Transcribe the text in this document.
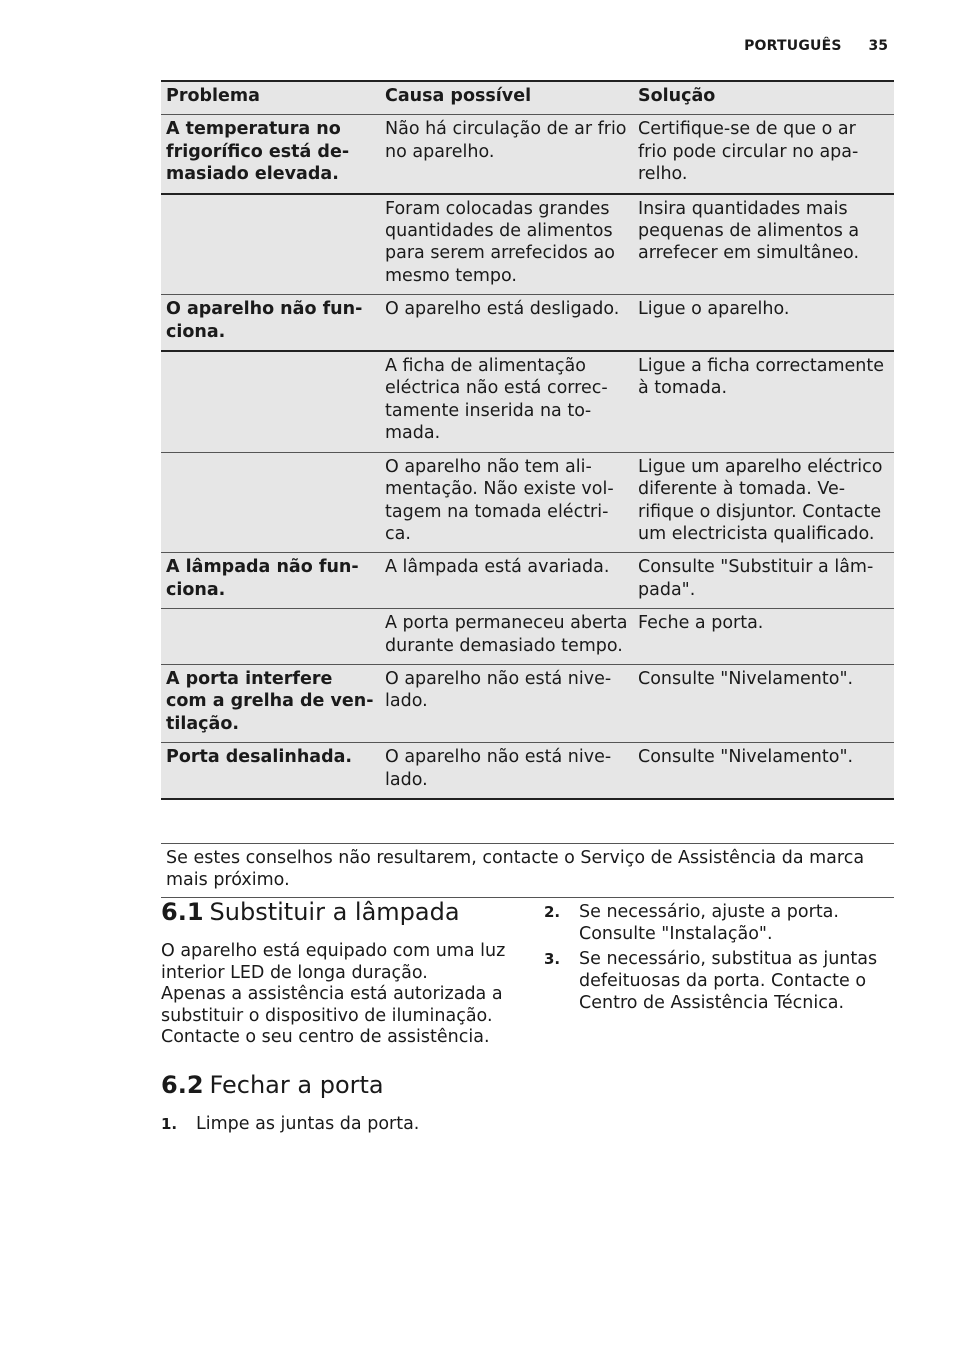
PORTUGUÊS 35
Problema	Causa possível	Solução
A temperatura no frigorífico está demasiado elevada.	Não há circulação de ar frio no aparelho.	Certifique-se de que o ar frio pode circular no aparelho.
	Foram colocadas grandes quantidades de alimentos para serem arrefecidos ao mesmo tempo.	Insira quantidades mais pequenas de alimentos a arrefecer em simultâneo.
O aparelho não funciona.	O aparelho está desligado.	Ligue o aparelho.
	A ficha de alimentação eléctrica não está correctamente inserida na tomada.	Ligue a ficha correctamente à tomada.
	O aparelho não tem alimentação. Não existe voltagem na tomada eléctrica.	Ligue um aparelho eléctrico diferente à tomada. Verifique o disjuntor. Contacte um electricista qualificado.
A lâmpada não funciona.	A lâmpada está avariada.	Consulte "Substituir a lâmpada".
	A porta permaneceu aberta durante demasiado tempo.	Feche a porta.
A porta interfere com a grelha de ventilação.	O aparelho não está nivelado.	Consulte "Nivelamento".
Porta desalinhada.	O aparelho não está nivelado.	Consulte "Nivelamento".
Se estes conselhos não resultarem, contacte o Serviço de Assistência da marca mais próximo.
6.1 Substituir a lâmpada

O aparelho está equipado com uma luz interior LED de longa duração.

Apenas a assistência está autorizada a substituir o dispositivo de iluminação. Contacte o seu centro de assistência.

6.2 Fechar a porta
1. Limpe as juntas da porta.
2. Se necessário, ajuste a porta. Consulte "Instalação".
3. Se necessário, substitua as juntas defeituosas da porta. Contacte o Centro de Assistência Técnica.
